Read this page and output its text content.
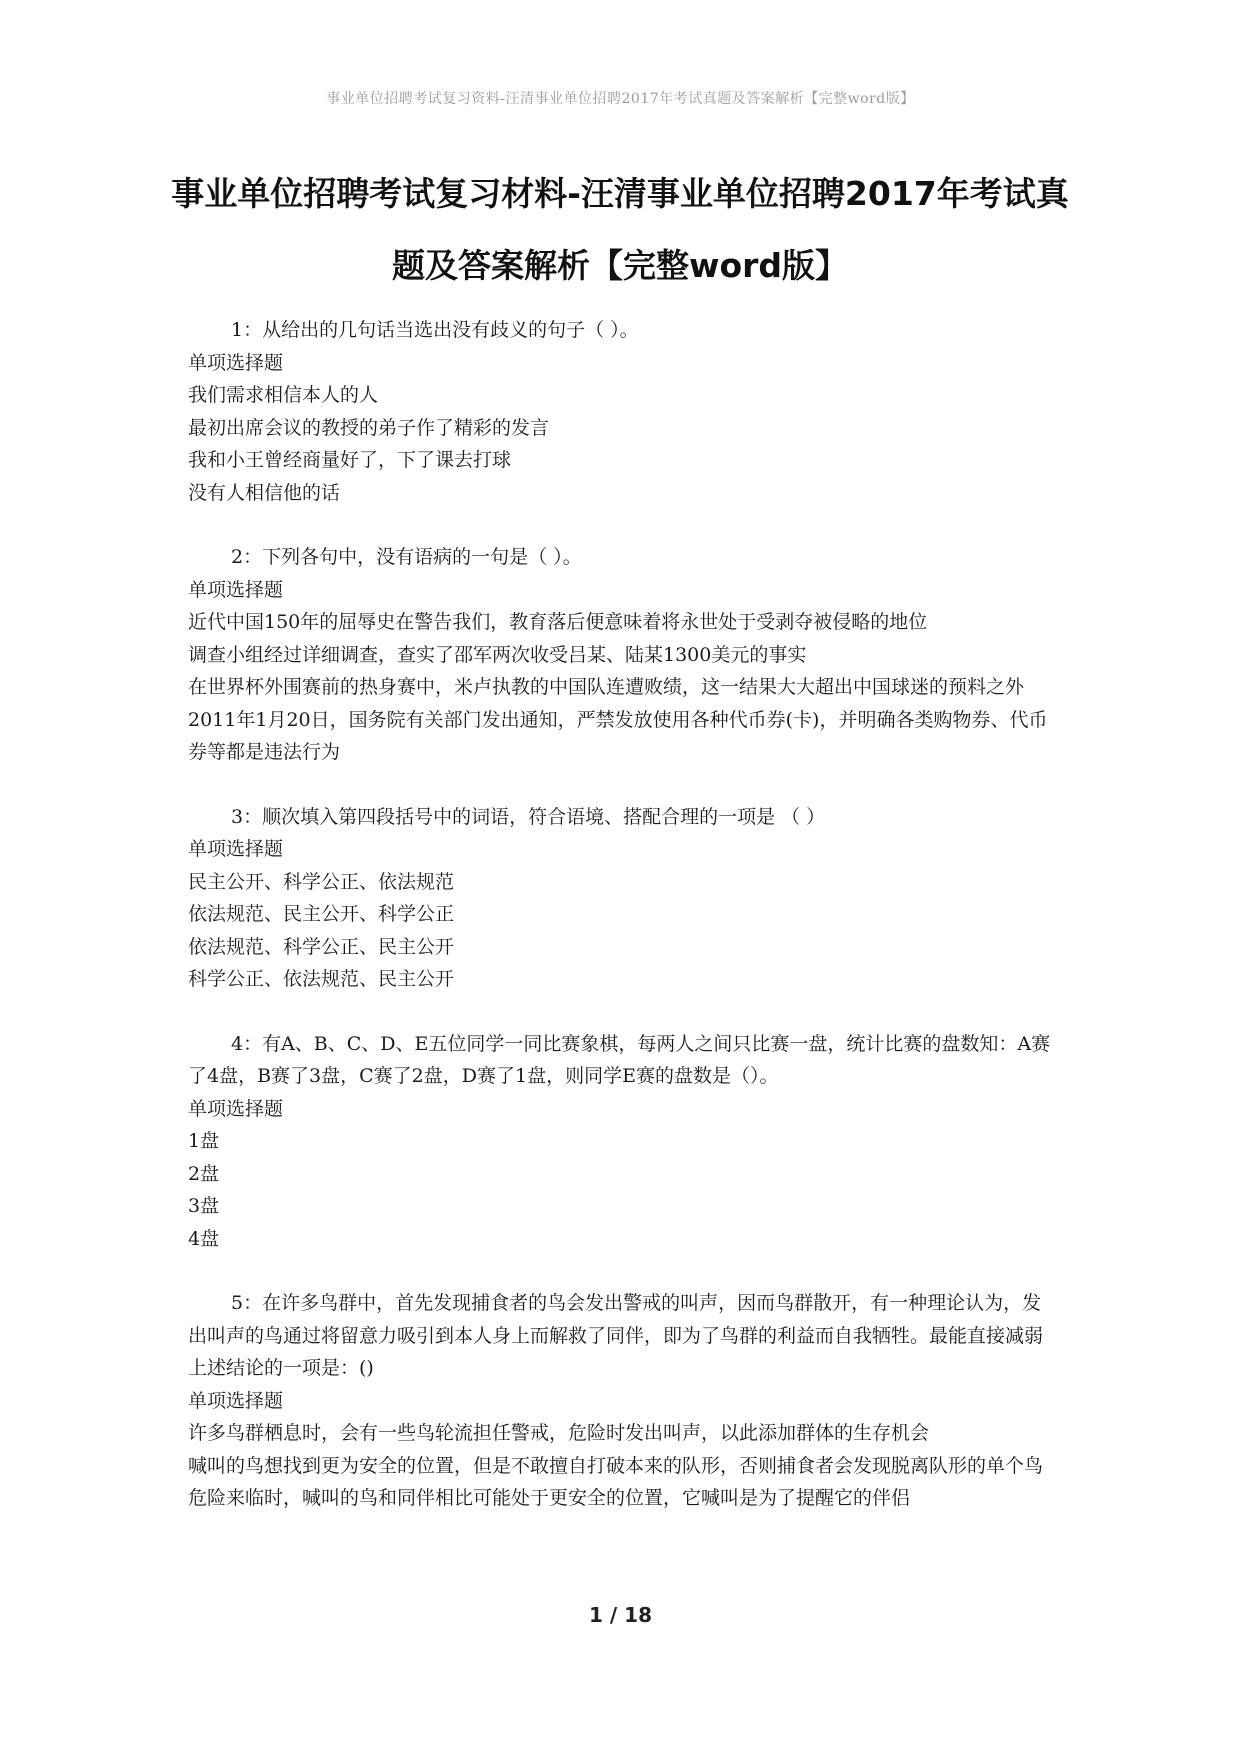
事业单位招聘考试复习资料-汪清事业单位招聘2017年考试真题及答案解析【完整word版】
事业单位招聘考试复习材料-汪清事业单位招聘2017年考试真题及答案解析【完整word版】
1：从给出的几句话当选出没有歧义的句子（ ）。
单项选择题
我们需求相信本人的人
最初出席会议的教授的弟子作了精彩的发言
我和小王曾经商量好了，下了课去打球
没有人相信他的话
2：下列各句中，没有语病的一句是（ ）。
单项选择题
近代中国150年的屈辱史在警告我们，教育落后便意味着将永世处于受剥夺被侵略的地位
调查小组经过详细调查，查实了邵军两次收受吕某、陆某1300美元的事实
在世界杯外围赛前的热身赛中，米卢执教的中国队连遭败绩，这一结果大大超出中国球迷的预料之外
2011年1月20日，国务院有关部门发出通知，严禁发放使用各种代币券(卡)，并明确各类购物券、代币券等都是违法行为
3：顺次填入第四段括号中的词语，符合语境、搭配合理的一项是 （ ）
单项选择题
民主公开、科学公正、依法规范
依法规范、民主公开、科学公正
依法规范、科学公正、民主公开
科学公正、依法规范、民主公开
4：有A、B、C、D、E五位同学一同比赛象棋，每两人之间只比赛一盘，统计比赛的盘数知：A赛了4盘，B赛了3盘，C赛了2盘，D赛了1盘，则同学E赛的盘数是（）。
单项选择题
1盘
2盘
3盘
4盘
5：在许多鸟群中，首先发现捕食者的鸟会发出警戒的叫声，因而鸟群散开，有一种理论认为，发出叫声的鸟通过将留意力吸引到本人身上而解救了同伴，即为了鸟群的利益而自我牺牲。最能直接减弱上述结论的一项是：()
单项选择题
许多鸟群栖息时，会有一些鸟轮流担任警戒，危险时发出叫声，以此添加群体的生存机会
喊叫的鸟想找到更为安全的位置，但是不敢擅自打破本来的队形，否则捕食者会发现脱离队形的单个鸟
危险来临时，喊叫的鸟和同伴相比可能处于更安全的位置，它喊叫是为了提醒它的伴侣
1 / 18
